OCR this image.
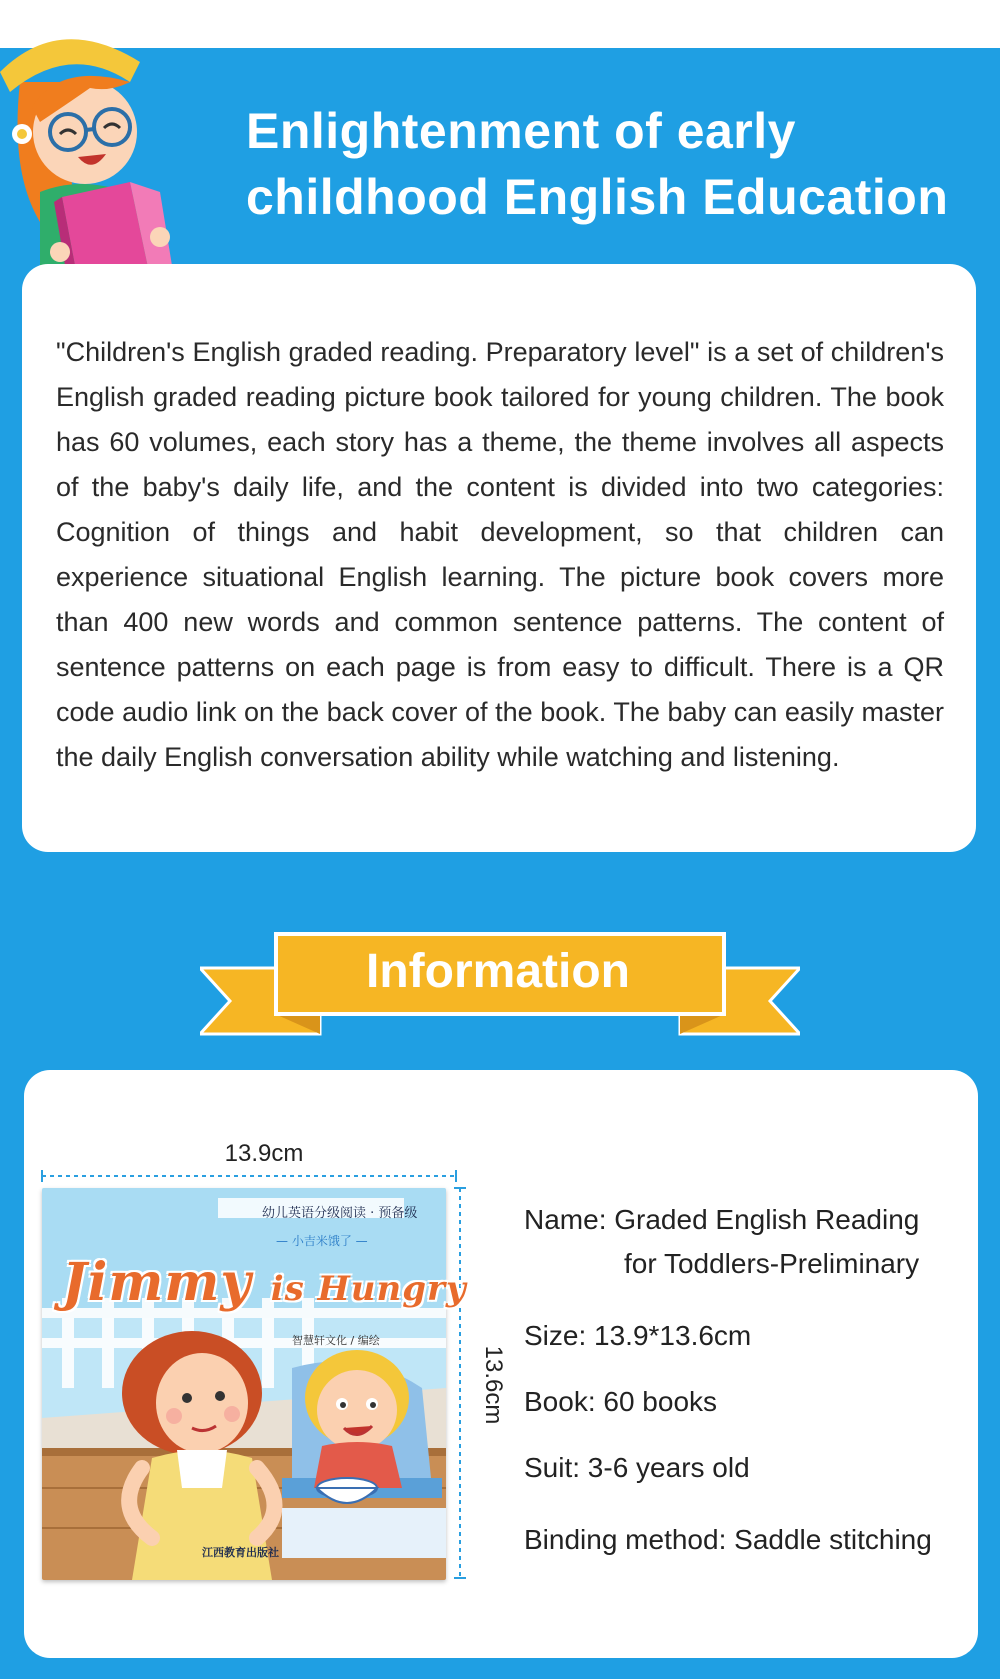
Enlightenment of early
childhood English Education
"Children's English graded reading. Preparatory level" is a set of children's English graded reading picture book tailored for young children. The book has 60 volumes, each story has a theme, the theme involves all aspects of the baby's daily life, and the content is divided into two categories: Cognition of things and habit development, so that children can experience situational English learning. The picture book covers more than 400 new words and common sentence patterns. The content of sentence patterns on each page is from easy to difficult. There is a QR code audio link on the back cover of the book. The baby can easily master the daily English conversation ability while watching and listening.
Information
13.9cm
13.6cm
幼儿英语分级阅读 · 预备级
— 小吉米饿了 —
Jimmy is Hungry
智慧轩文化 / 编绘
江西教育出版社
Name: Graded English Reading
for Toddlers-Preliminary
Size: 13.9*13.6cm
Book: 60 books
Suit: 3-6 years old
Binding method: Saddle stitching
